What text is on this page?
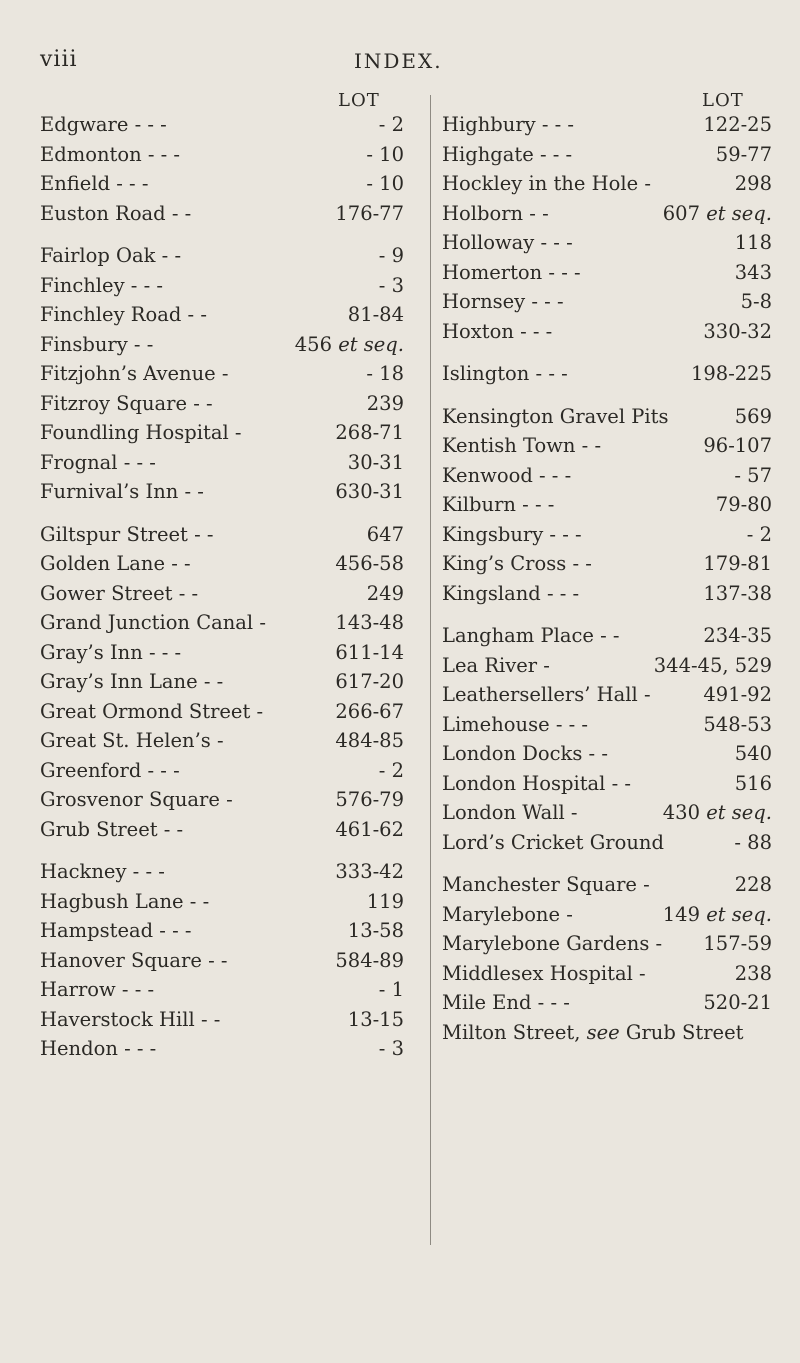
viii	INDEX.
LOT	LOT
Edgware - - -	- 2
Edmonton - - -	- 10
Enfield - - -	- 10
Euston Road - -	176-77
Fairlop Oak - -	- 9
Finchley - - -	- 3
Finchley Road - -	81-84
Finsbury - -	456 et seq.
Fitzjohn’s Avenue -	- 18
Fitzroy Square - -	239
Foundling Hospital -	268-71
Frognal - - -	30-31
Furnival’s Inn - -	630-31
Giltspur Street - -	647
Golden Lane - -	456-58
Gower Street - -	249
Grand Junction Canal -	143-48
Gray’s Inn - - -	611-14
Gray’s Inn Lane - -	617-20
Great Ormond Street -	266-67
Great St. Helen’s -	484-85
Greenford - - -	- 2
Grosvenor Square -	576-79
Grub Street - -	461-62
Hackney - - -	333-42
Hagbush Lane - -	119
Hampstead - - -	13-58
Hanover Square - -	584-89
Harrow - - -	- 1
Haverstock Hill - -	13-15
Hendon - - -	- 3
Highbury - - -	122-25
Highgate - - -	59-77
Hockley in the Hole -	298
Holborn - -	607 et seq.
Holloway - - -	118
Homerton - - -	343
Hornsey - - -	5-8
Hoxton - - -	330-32
Islington - - -	198-225
Kensington Gravel Pits	569
Kentish Town - -	96-107
Kenwood - - -	- 57
Kilburn - - -	79-80
Kingsbury - - -	- 2
King’s Cross - -	179-81
Kingsland - - -	137-38
Langham Place - -	234-35
Lea River -	344-45, 529
Leathersellers’ Hall -	491-92
Limehouse - - -	548-53
London Docks - -	540
London Hospital - -	516
London Wall -	430 et seq.
Lord’s Cricket Ground	- 88
Manchester Square -	228
Marylebone -	149 et seq.
Marylebone Gardens - 157-59
Middlesex Hospital -	238
Mile End - - -	520-21
Milton Street, see Grub Street
